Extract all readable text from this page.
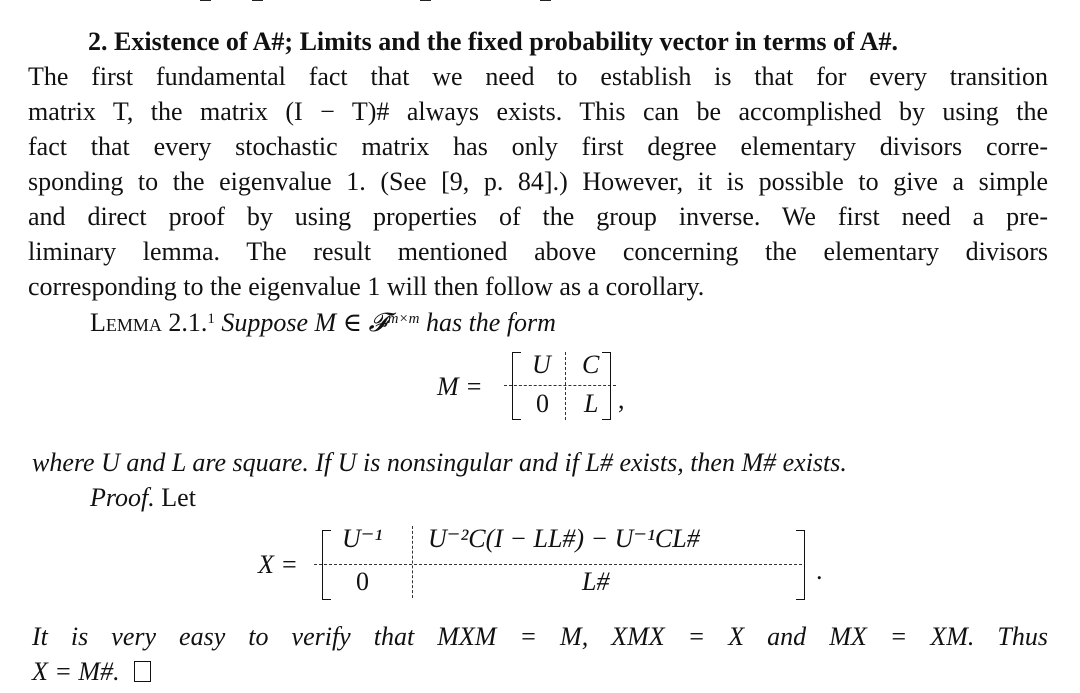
2. Existence of A#; Limits and the fixed probability vector in terms of A#.
The first fundamental fact that we need to establish is that for every transition
matrix T, the matrix (I − T)# always exists. This can be accomplished by using the
fact that every stochastic matrix has only first degree elementary divisors corre-
sponding to the eigenvalue 1. (See [9, p. 84].) However, it is possible to give a simple
and direct proof by using properties of the group inverse. We first need a pre-
liminary lemma. The result mentioned above concerning the elementary divisors
corresponding to the eigenvalue 1 will then follow as a corollary.
Lemma 2.1.$^1$ Suppose M ∈ 𝓕$^{m\times m}$ has the form
M =
U C
0 L ,
where U and L are square. If U is nonsingular and if L# exists, then M# exists.
Proof. Let
X =
U⁻¹ U⁻²C(I − LL#) − U⁻¹CL#
0	L#	.
It is very easy to verify that MXM = M, XMX = X and MX = XM. Thus
X = M#.
